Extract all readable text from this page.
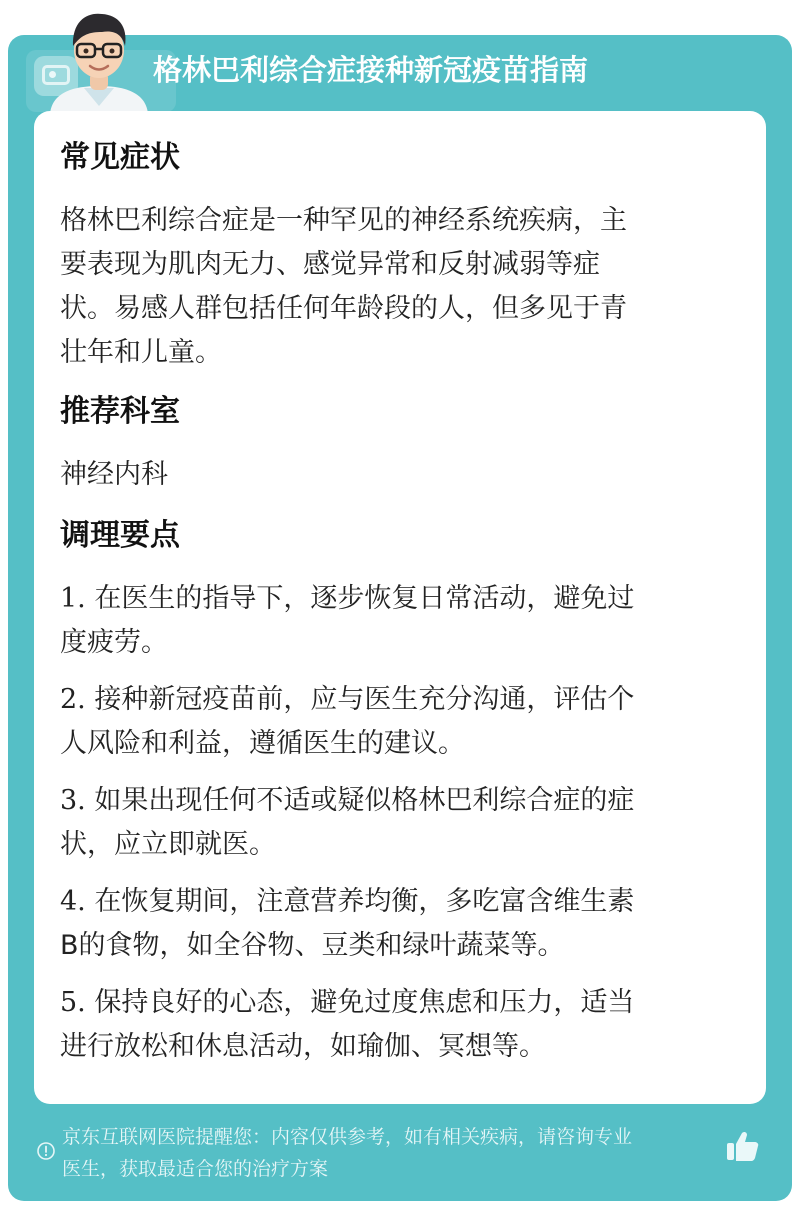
格林巴利综合症接种新冠疫苗指南
常见症状

格林巴利综合症是一种罕见的神经系统疾病，主

要表现为肌肉无力、感觉异常和反射减弱等症

状。易感人群包括任何年龄段的人，但多见于青

壮年和儿童。

推荐科室

神经内科

调理要点

1. 在医生的指导下，逐步恢复日常活动，避免过

度疲劳。

2. 接种新冠疫苗前，应与医生充分沟通，评估个

人风险和利益，遵循医生的建议。

3. 如果出现任何不适或疑似格林巴利综合症的症

状，应立即就医。

4. 在恢复期间，注意营养均衡，多吃富含维生素

B的食物，如全谷物、豆类和绿叶蔬菜等。

5. 保持良好的心态，避免过度焦虑和压力，适当

进行放松和休息活动，如瑜伽、冥想等。

京东互联网医院提醒您：内容仅供参考，如有相关疾病，请咨询专业
医生，获取最适合您的治疗方案
